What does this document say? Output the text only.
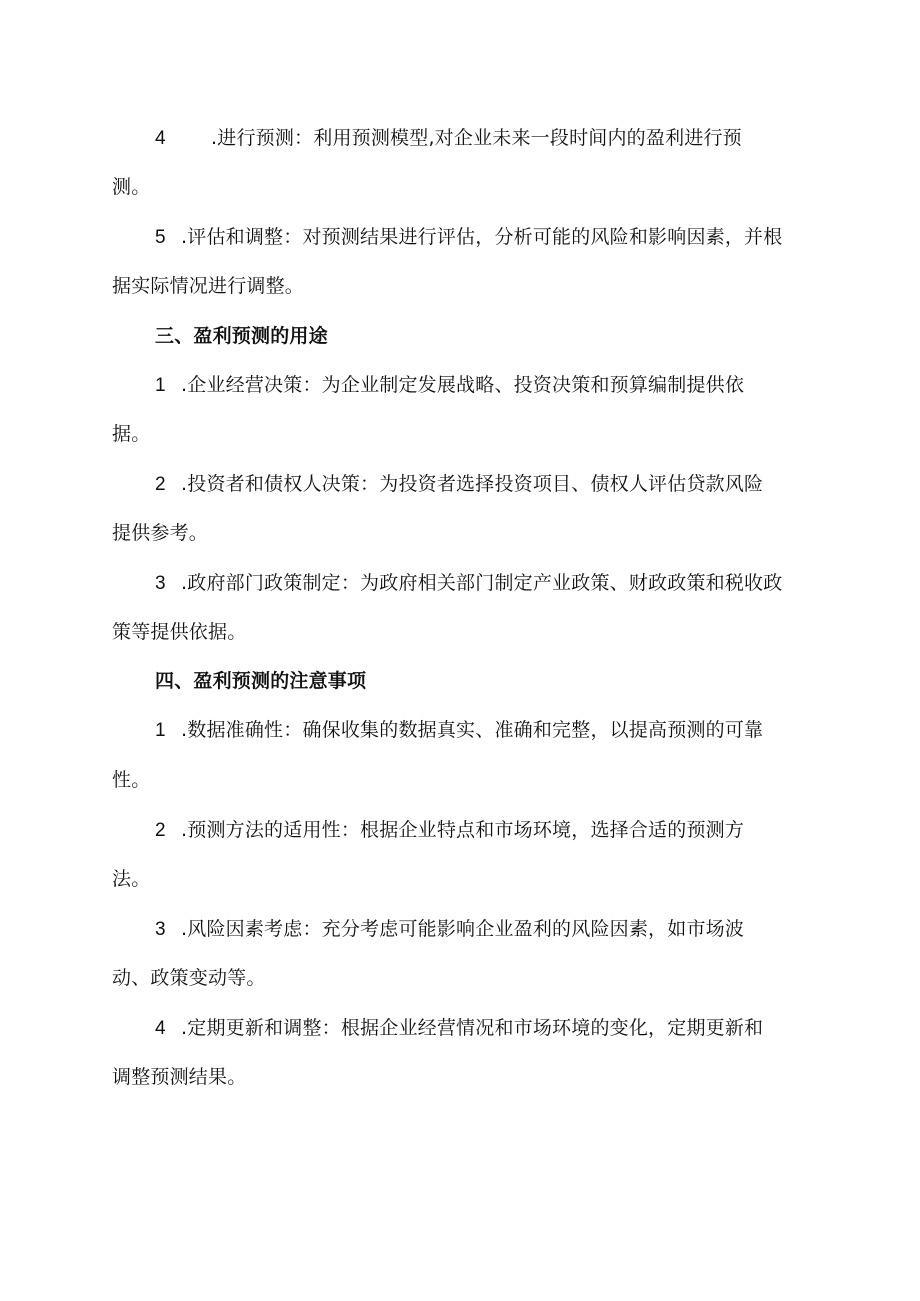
4 .进行预测：利用预测模型,对企业未来一段时间内的盈利进行预
测。
5 .评估和调整：对预测结果进行评估，分析可能的风险和影响因素，并根
据实际情况进行调整。
三、盈利预测的用途
1 .企业经营决策：为企业制定发展战略、投资决策和预算编制提供依
据。
2 .投资者和债权人决策：为投资者选择投资项目、债权人评估贷款风险
提供参考。
3 .政府部门政策制定：为政府相关部门制定产业政策、财政政策和税收政
策等提供依据。
四、盈利预测的注意事项
1 .数据准确性：确保收集的数据真实、准确和完整，以提高预测的可靠
性。
2 .预测方法的适用性：根据企业特点和市场环境，选择合适的预测方
法。
3 .风险因素考虑：充分考虑可能影响企业盈利的风险因素，如市场波
动、政策变动等。
4 .定期更新和调整：根据企业经营情况和市场环境的变化，定期更新和
调整预测结果。
